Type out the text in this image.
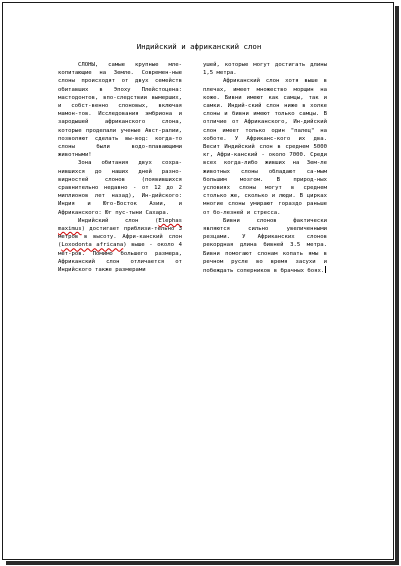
Индийский и африканский слон

СЛОНЫ, самые крупные мле-копитающие на Земле. Современ-ные слоны происходят от двух семейств обитавших в Эпоху Плейстоцена: мастодонтов, впо-следствии вымерших, и собст-венно слоновых, включая мамон-тов. Исследования эмбриона и зародышей африканского слона, которые проделали ученые Авст-ралии, позволяют сделать вы-вод: когда-то слоны были водо-плавающими животными!

Зона обитания двух сохра-нившихся до наших дней разно-видностей слонов (появившихся сравнительно недавно - от 12 до 2 миллионов лет назад), Ин-дийского: Индия и Юго-Восток Азии, и Африканского: Юг пус-тыни Сахара.

Индийский слон (Elephas maximus) достигает приблизи-тельно 3 метров в высоту. Афри-канский слон (Loxodonta africana) выше - около 4 мет-ров. Помимо большего размера, Африканский слон отличается от Индийского также размерами

ушей, которые могут достигать длины 1,5 метра.

Африканский слон хотя выше в плечах, имеет множество морщин на коже. Бивни имеют как самцы, так и самки. Индий-ский слон ниже в холке слоны и бивни имеют только самцы. В отличие от Африканского, Ин-дийский слон имеет только один "палец" на хоботе. У Африканс-кого их два. Весит Индийский слон в среднем 5000 кг, Афри-канский - около 7000. Среди всех когда-либо живших на Зем-ле животных слоны обладают са-мым большим мозгом. В природ-ных условиях слоны могут в среднем столько же, сколько и люди. В цирках многие слоны умирают гораздо раньше от бо-лезней и стресса.

Бивни слонов фактически являются сильно увеличенными резцами. У Африканских слонов рекордная длина бивней 3.5 метра. Бивни помогают слонам копать ямы в речном русле во время засухи и побеждать соперников в брачных боях.
